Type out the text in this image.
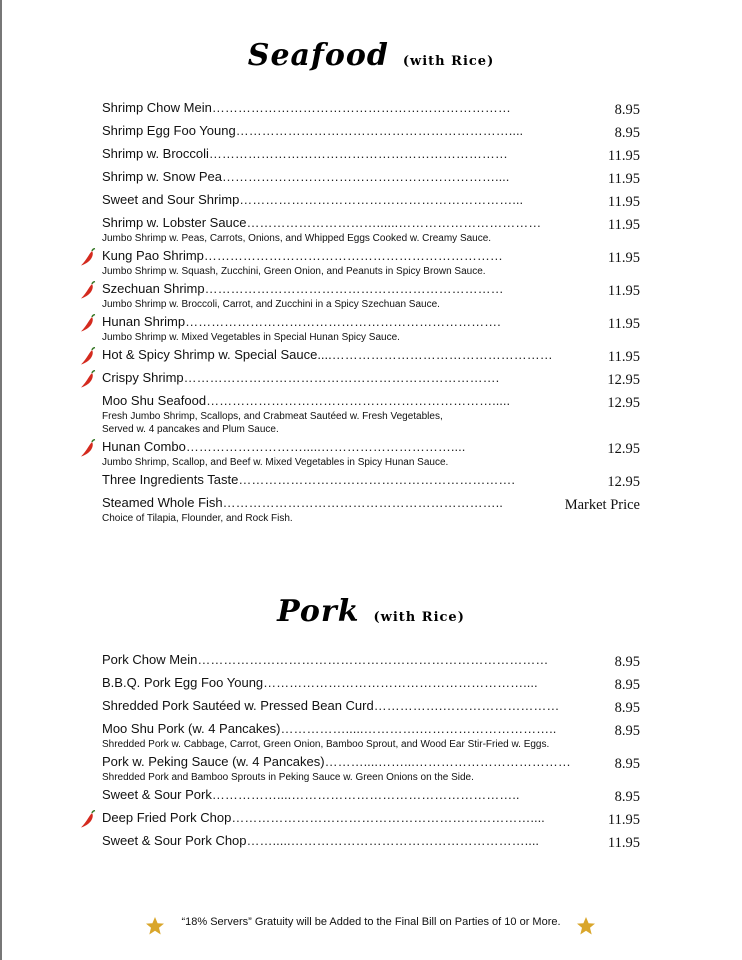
Seafood (with Rice)
Shrimp Chow Mein……………………………………………………………	8.95
Shrimp Egg Foo Young………………………………………………………....	8.95
Shrimp w. Broccoli……………………………………………………………	11.95
Shrimp w. Snow Pea………………………………………………………....	11.95
Sweet and Sour Shrimp………………………………………………………...	11.95
Shrimp w. Lobster Sauce…………………………......……………………………	11.95
Jumbo Shrimp w. Peas, Carrots, Onions, and Whipped Eggs Cooked w. Creamy Sauce.
Kung Pao Shrimp……………………………………………………………	11.95
Jumbo Shrimp w. Squash, Zucchini, Green Onion, and Peanuts in Spicy Brown Sauce.
Szechuan Shrimp……………………………………………………………	11.95
Jumbo Shrimp w. Broccoli, Carrot, and Zucchini in a Spicy Szechuan Sauce.
Hunan Shrimp……………………………………………………………….	11.95
Jumbo Shrimp w. Mixed Vegetables in Special Hunan Spicy Sauce.
Hot & Spicy Shrimp w. Special Sauce....……………………………………………	11.95
Crispy Shrimp……………………………………………………………….	12.95
Moo Shu Seafood………………………………………………………….....	12.95
Fresh Jumbo Shrimp, Scallops, and Crabmeat Sautéed w. Fresh Vegetables,
Served w. 4 pancakes and Plum Sauce.
Hunan Combo……………………….....…………………………....	12.95
Jumbo Shrimp, Scallop, and Beef w. Mixed Vegetables in Spicy Hunan Sauce.
Three Ingredients Taste……………………………………………………….	12.95
Steamed Whole Fish………………………………………………………..	Market Price
Choice of Tilapia, Flounder, and Rock Fish.
Pork (with Rice)
Pork Chow Mein………………………………………………………………………	8.95
B.B.Q. Pork Egg Foo Young……………………………………………………....	8.95
Shredded Pork Sautéed w. Pressed Bean Curd…………….………………………	8.95
Moo Shu Pork (w. 4 Pancakes)…………….....………….…………………………..	8.95
Shredded Pork w. Cabbage, Carrot, Green Onion, Bamboo Sprout, and Wood Ear Stir-Fried w. Eggs.
Pork w. Peking Sauce (w. 4 Pancakes)………....……...………………………………	8.95
Shredded Pork and Bamboo Sprouts in Peking Sauce w. Green Onions on the Side.
Sweet & Sour Pork……………....……………………………………………..	8.95
Deep Fried Pork Chop……………………………………………………………....	11.95
Sweet & Sour Pork Chop…….....………………………………………………....	11.95
“18% Servers” Gratuity will be Added to the Final Bill on Parties of 10 or More.
